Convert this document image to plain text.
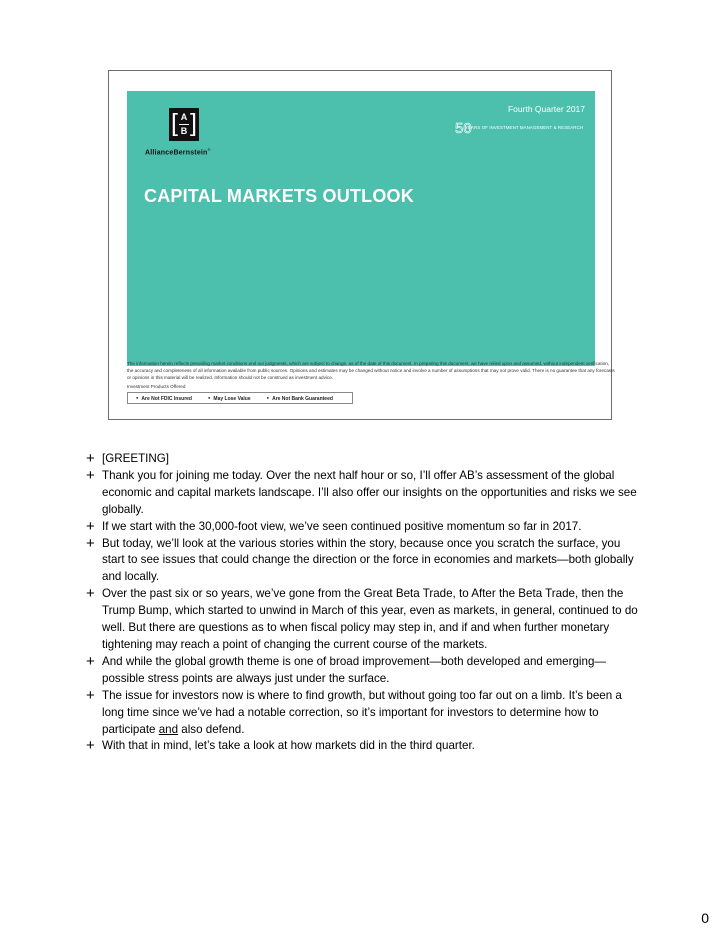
[ ]
A
B
AllianceBernstein®
Fourth Quarter 2017
50
YEARS OF INVESTMENT MANAGEMENT & RESEARCH
CAPITAL MARKETS OUTLOOK
The information herein reflects prevailing market conditions and our judgments, which are subject to change, as of the date of this document. In preparing this document, we have relied upon and assumed, without independent verification, the accuracy and completeness of all information available from public sources. Opinions and estimates may be changed without notice and involve a number of assumptions that may not prove valid. There is no guarantee that any forecasts or opinions in this material will be realized. Information should not be construed as investment advice.
Investment Products Offered
● Are Not FDIC Insured	● May Lose Value	● Are Not Bank Guaranteed
+ [GREETING]
+ Thank you for joining me today. Over the next half hour or so, I’ll offer AB’s assessment of the global economic and capital markets landscape. I’ll also offer our insights on the opportunities and risks we see globally.
+ If we start with the 30,000-foot view, we’ve seen continued positive momentum so far in 2017.
+ But today, we’ll look at the various stories within the story, because once you scratch the surface, you start to see issues that could change the direction or the force in economies and markets—both globally and locally.
+ Over the past six or so years, we’ve gone from the Great Beta Trade, to After the Beta Trade, then the Trump Bump, which started to unwind in March of this year, even as markets, in general, continued to do well. But there are questions as to when fiscal policy may step in, and if and when further monetary tightening may reach a point of changing the current course of the markets.
+ And while the global growth theme is one of broad improvement—both developed and emerging—possible stress points are always just under the surface.
+ The issue for investors now is where to find growth, but without going too far out on a limb. It’s been a long time since we’ve had a notable correction, so it’s important for investors to determine how to participate and also defend.
+ With that in mind, let’s take a look at how markets did in the third quarter.
0
